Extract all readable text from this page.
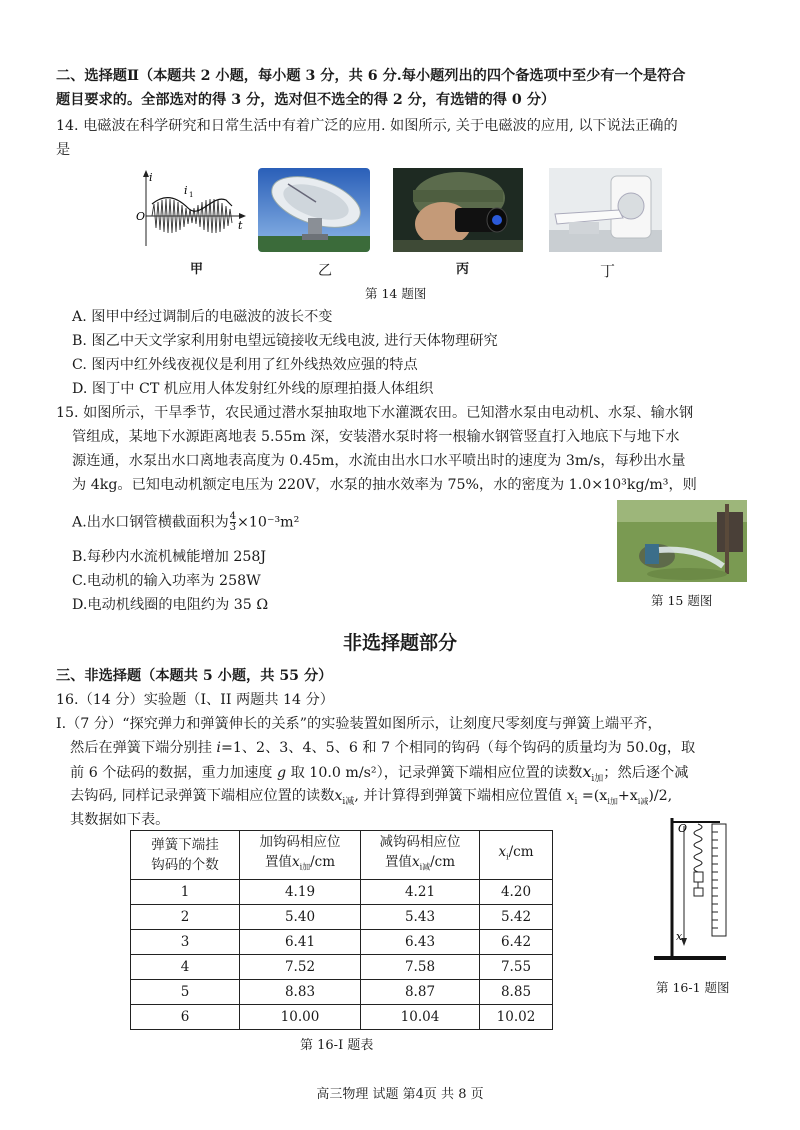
二、选择题Ⅱ（本题共 2 小题，每小题 3 分，共 6 分.每小题列出的四个备选项中至少有一个是符合
题目要求的。全部选对的得 3 分，选对但不选全的得 2 分，有选错的得 0 分）
14. 电磁波在科学研究和日常生活中有着广泛的应用. 如图所示, 关于电磁波的应用, 以下说法正确的
是
i
t
O
i 1
甲	乙	丙	丁
第 14 题图
A. 图甲中经过调制后的电磁波的波长不变
B. 图乙中天文学家利用射电望远镜接收无线电波, 进行天体物理研究
C. 图丙中红外线夜视仪是利用了红外线热效应强的特点
D. 图丁中 CT 机应用人体发射红外线的原理拍摄人体组织
15. 如图所示，干旱季节，农民通过潜水泵抽取地下水灌溉农田。已知潜水泵由电动机、水泵、输水钢
管组成，某地下水源距离地表 5.55m 深，安装潜水泵时将一根输水钢管竖直打入地底下与地下水
源连通，水泵出水口离地表高度为 0.45m，水流由出水口水平喷出时的速度为 3m/s，每秒出水量
为 4kg。已知电动机额定电压为 220V，水泵的抽水效率为 75%，水的密度为 1.0×10³kg/m³，则
A.出水口钢管横截面积为 $\frac{4}{3} \times 10^{-3}m^2$
B.每秒内水流机械能增加 258J
C.电动机的输入功率为 258W
D.电动机线圈的电阻约为 35 Ω	第 15 题图
非选择题部分
三、非选择题（本题共 5 小题，共 55 分）
16.（14 分）实验题（I、II 两题共 14 分）
I.（7 分）“探究弹力和弹簧伸长的关系”的实验装置如图所示，让刻度尺零刻度与弹簧上端平齐，
然后在弹簧下端分别挂 i=1、2、3、4、5、6 和 7 个相同的钩码（每个钩码的质量均为 50.0g，取
前 6 个砝码的数据，重力加速度 g 取 10.0 m/s²），记录弹簧下端相应位置的读数$x_{i加}$；然后逐个减
去钩码, 同样记录弹簧下端相应位置的读数$x_{i减}$, 并计算得到弹簧下端相应位置值 $x_i =(x_{i加}+x_{i减})/2$,
其数据如下表。
弹簧下端挂
钩码的个数	加钩码相应位
置值$x_{i加}/cm$	减钩码相应位
置值$x_{i减}/cm$	$x_i/cm$
1	4.19	4.21	4.20
2	5.40	5.43	5.42
3	6.41	6.43	6.42
4	7.52	7.58	7.55
5	8.83	8.87	8.85
6	10.00	10.04	10.02
第 16-I 题表
O
x
第 16-1 题图
高三物理 试题 第4页 共 8 页
